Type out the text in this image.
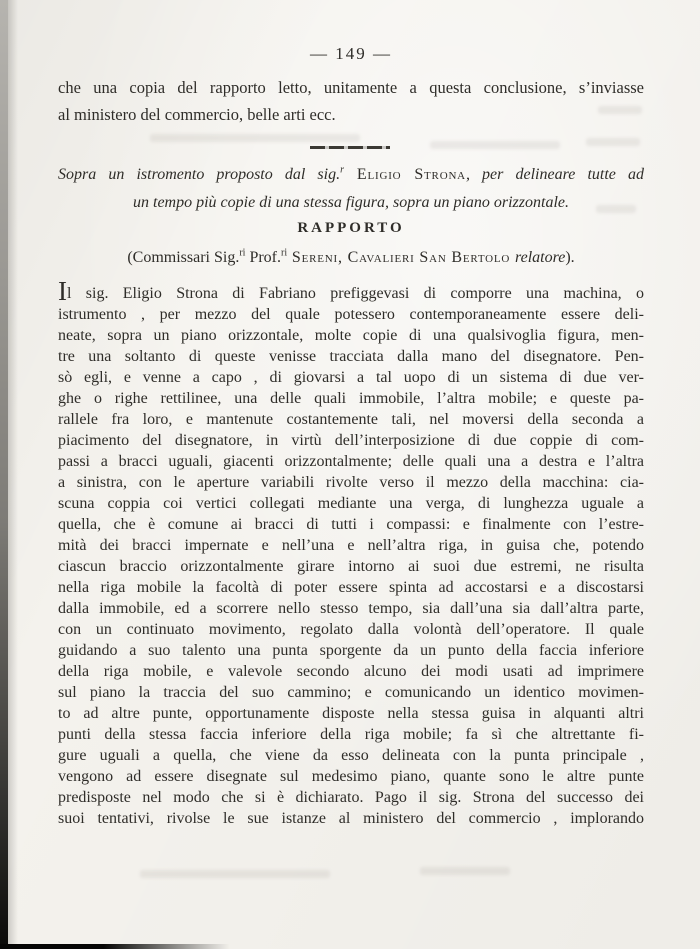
— 149 —
che una copia del rapporto letto, unitamente a questa conclusione, s’inviasse
al ministero del commercio, belle arti ecc.
Sopra un istromento proposto dal sig.$^r$ Eligio Strona, per delineare tutte ad
un tempo più copie di una stessa figura, sopra un piano orizzontale.
RAPPORTO
(Commissari Sig.$^{ri}$ Prof.$^{ri}$ Sereni, Cavalieri San Bertolo relatore).
Il sig. Eligio Strona di Fabriano prefiggevasi di comporre una machina, o
istrumento , per mezzo del quale potessero contemporaneamente essere deli-
neate, sopra un piano orizzontale, molte copie di una qualsivoglia figura, men-
tre una soltanto di queste venisse tracciata dalla mano del disegnatore. Pen-
sò egli, e venne a capo , di giovarsi a tal uopo di un sistema di due ver-
ghe o righe rettilinee, una delle quali immobile, l’altra mobile; e queste pa-
rallele fra loro, e mantenute costantemente tali, nel moversi della seconda a
piacimento del disegnatore, in virtù dell’interposizione di due coppie di com-
passi a bracci uguali, giacenti orizzontalmente; delle quali una a destra e l’altra
a sinistra, con le aperture variabili rivolte verso il mezzo della macchina: cia-
scuna coppia coi vertici collegati mediante una verga, di lunghezza uguale a
quella, che è comune ai bracci di tutti i compassi: e finalmente con l’estre-
mità dei bracci impernate e nell’una e nell’altra riga, in guisa che, potendo
ciascun braccio orizzontalmente girare intorno ai suoi due estremi, ne risulta
nella riga mobile la facoltà di poter essere spinta ad accostarsi e a discostarsi
dalla immobile, ed a scorrere nello stesso tempo, sia dall’una sia dall’altra parte,
con un continuato movimento, regolato dalla volontà dell’operatore. Il quale
guidando a suo talento una punta sporgente da un punto della faccia inferiore
della riga mobile, e valevole secondo alcuno dei modi usati ad imprimere
sul piano la traccia del suo cammino; e comunicando un identico movimen-
to ad altre punte, opportunamente disposte nella stessa guisa in alquanti altri
punti della stessa faccia inferiore della riga mobile; fa sì che altrettante fi-
gure uguali a quella, che viene da esso delineata con la punta principale ,
vengono ad essere disegnate sul medesimo piano, quante sono le altre punte
predisposte nel modo che si è dichiarato. Pago il sig. Strona del successo dei
suoi tentativi, rivolse le sue istanze al ministero del commercio , implorando
